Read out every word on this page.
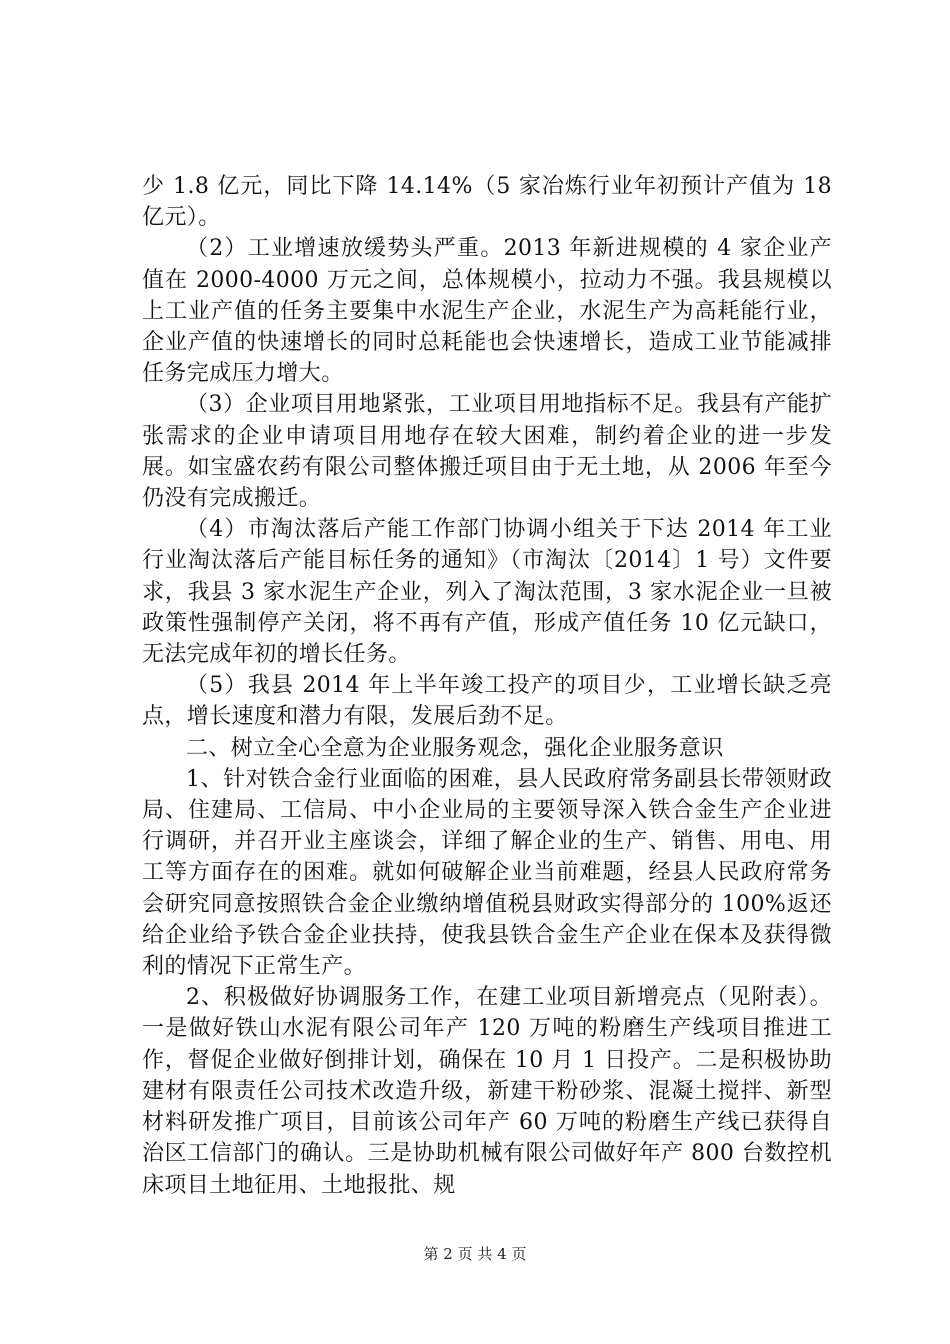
少 1.8 亿元，同比下降 14.14%（5 家冶炼行业年初预计产值为 18 亿元）。

（2）工业增速放缓势头严重。2013 年新进规模的 4 家企业产值在 2000-4000 万元之间，总体规模小，拉动力不强。我县规模以上工业产值的任务主要集中水泥生产企业，水泥生产为高耗能行业，企业产值的快速增长的同时总耗能也会快速增长，造成工业节能减排任务完成压力增大。

（3）企业项目用地紧张，工业项目用地指标不足。我县有产能扩张需求的企业申请项目用地存在较大困难，制约着企业的进一步发展。如宝盛农药有限公司整体搬迁项目由于无土地，从 2006 年至今仍没有完成搬迁。

（4）市淘汰落后产能工作部门协调小组关于下达 2014 年工业行业淘汰落后产能目标任务的通知》（市淘汰〔2014〕1 号）文件要求，我县 3 家水泥生产企业，列入了淘汰范围，3 家水泥企业一旦被政策性强制停产关闭，将不再有产值，形成产值任务 10 亿元缺口，无法完成年初的增长任务。

（5）我县 2014 年上半年竣工投产的项目少，工业增长缺乏亮点，增长速度和潜力有限，发展后劲不足。

二、树立全心全意为企业服务观念，强化企业服务意识

1、针对铁合金行业面临的困难，县人民政府常务副县长带领财政局、住建局、工信局、中小企业局的主要领导深入铁合金生产企业进行调研，并召开业主座谈会，详细了解企业的生产、销售、用电、用工等方面存在的困难。就如何破解企业当前难题，经县人民政府常务会研究同意按照铁合金企业缴纳增值税县财政实得部分的 100%返还给企业给予铁合金企业扶持，使我县铁合金生产企业在保本及获得微利的情况下正常生产。

2、积极做好协调服务工作，在建工业项目新增亮点（见附表）。一是做好铁山水泥有限公司年产 120 万吨的粉磨生产线项目推进工作，督促企业做好倒排计划，确保在 10 月 1 日投产。二是积极协助建材有限责任公司技术改造升级，新建干粉砂浆、混凝土搅拌、新型材料研发推广项目，目前该公司年产 60 万吨的粉磨生产线已获得自治区工信部门的确认。三是协助机械有限公司做好年产 800 台数控机床项目土地征用、土地报批、规

第 2 页 共 4 页
